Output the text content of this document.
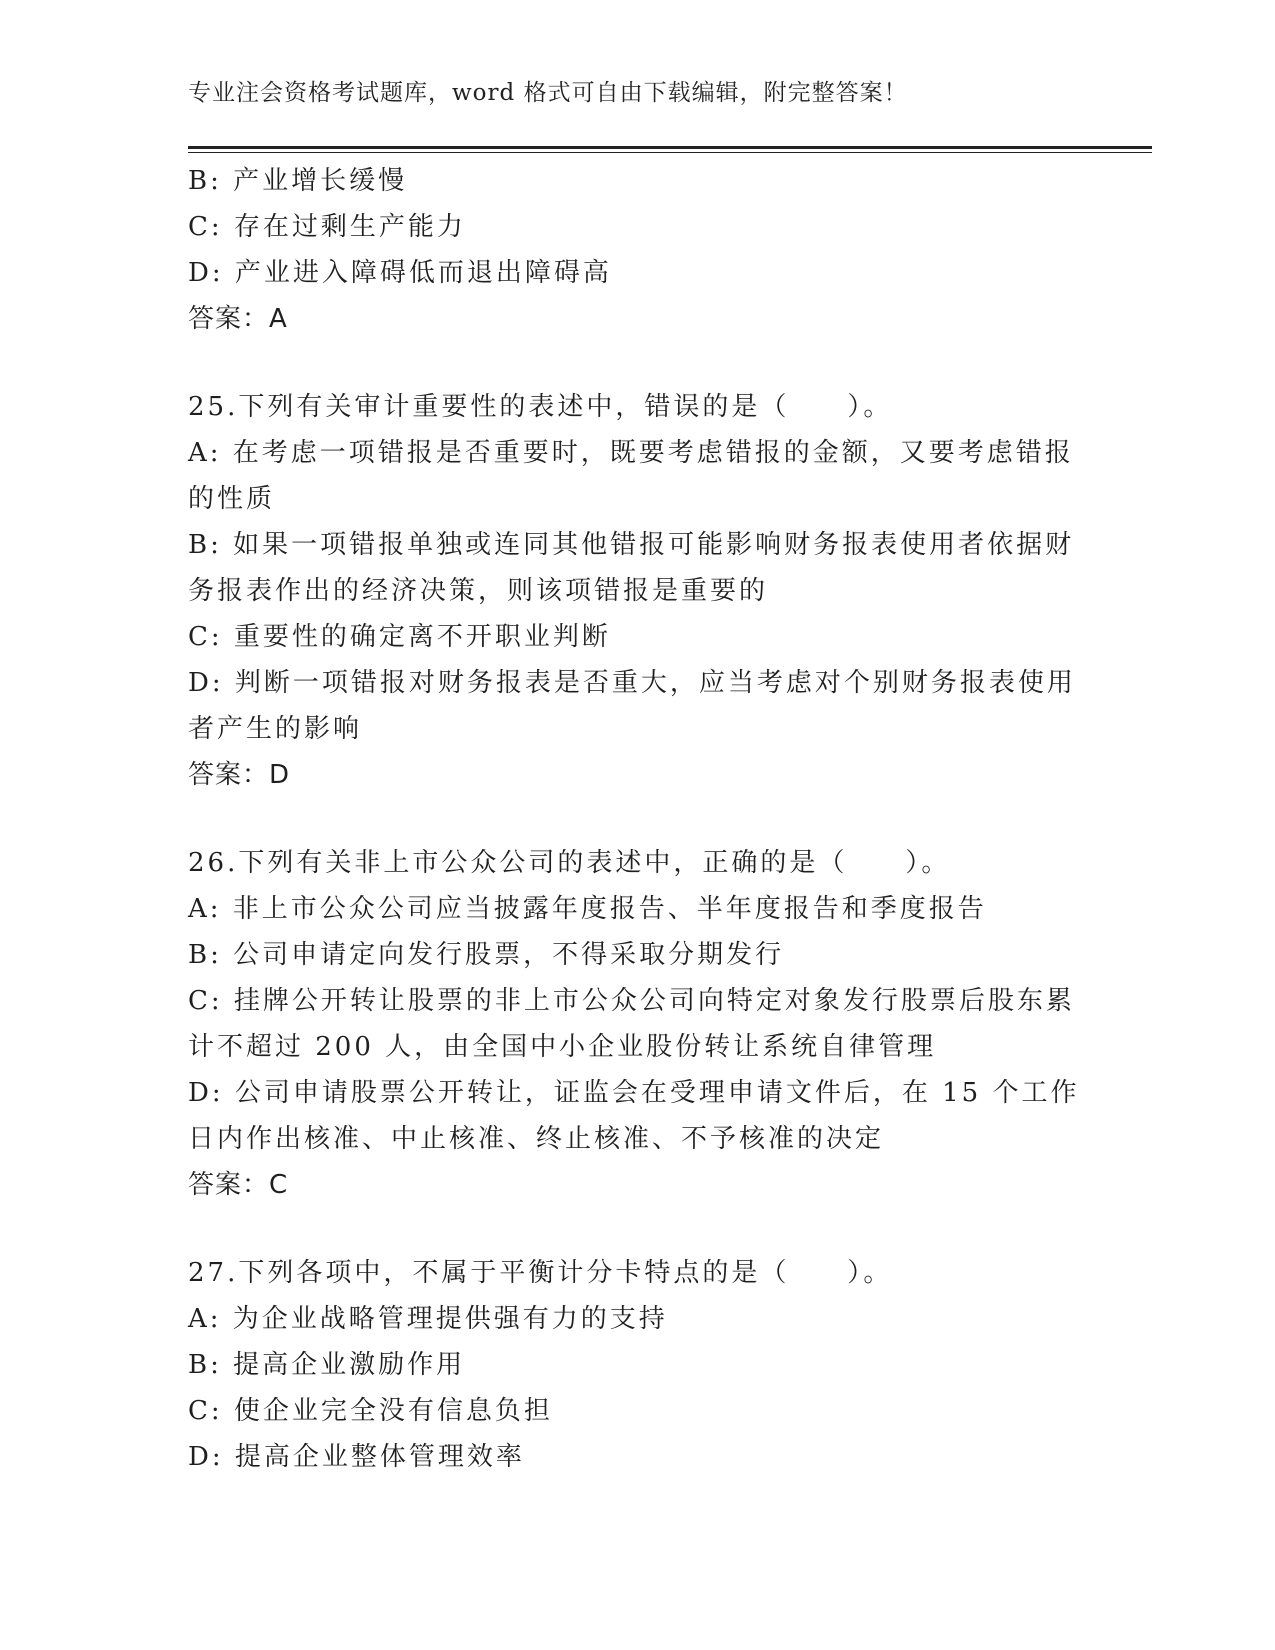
专业注会资格考试题库，word 格式可自由下载编辑，附完整答案！
B: 产业增长缓慢
C: 存在过剩生产能力
D: 产业进入障碍低而退出障碍高
答案：A
25.下列有关审计重要性的表述中，错误的是（　　）。
A: 在考虑一项错报是否重要时，既要考虑错报的金额，又要考虑错报
的性质
B: 如果一项错报单独或连同其他错报可能影响财务报表使用者依据财
务报表作出的经济决策，则该项错报是重要的
C: 重要性的确定离不开职业判断
D: 判断一项错报对财务报表是否重大，应当考虑对个别财务报表使用
者产生的影响
答案：D
26.下列有关非上市公众公司的表述中，正确的是（　　）。
A: 非上市公众公司应当披露年度报告、半年度报告和季度报告
B: 公司申请定向发行股票，不得采取分期发行
C: 挂牌公开转让股票的非上市公众公司向特定对象发行股票后股东累
计不超过 200 人，由全国中小企业股份转让系统自律管理
D: 公司申请股票公开转让，证监会在受理申请文件后，在 15 个工作
日内作出核准、中止核准、终止核准、不予核准的决定
答案：C
27.下列各项中，不属于平衡计分卡特点的是（　　）。
A: 为企业战略管理提供强有力的支持
B: 提高企业激励作用
C: 使企业完全没有信息负担
D: 提高企业整体管理效率
